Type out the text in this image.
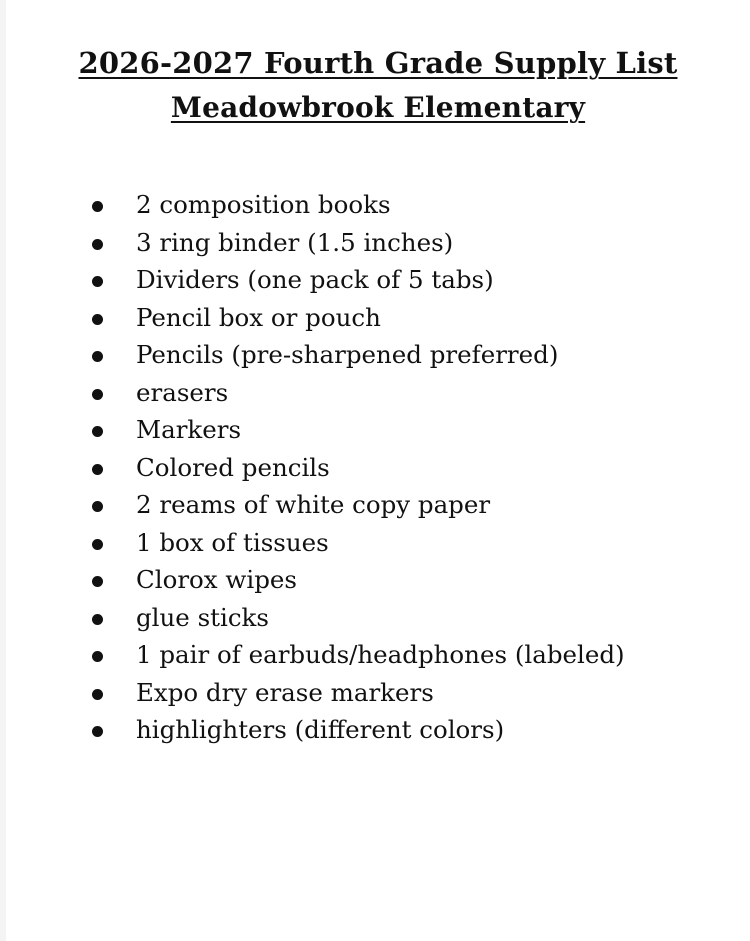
2026-2027 Fourth Grade Supply List
Meadowbrook Elementary
2 composition books
3 ring binder (1.5 inches)
Dividers (one pack of 5 tabs)
Pencil box or pouch
Pencils (pre-sharpened preferred)
erasers
Markers
Colored pencils
2 reams of white copy paper
1 box of tissues
Clorox wipes
glue sticks
1 pair of earbuds/headphones (labeled)
Expo dry erase markers
highlighters (different colors)
